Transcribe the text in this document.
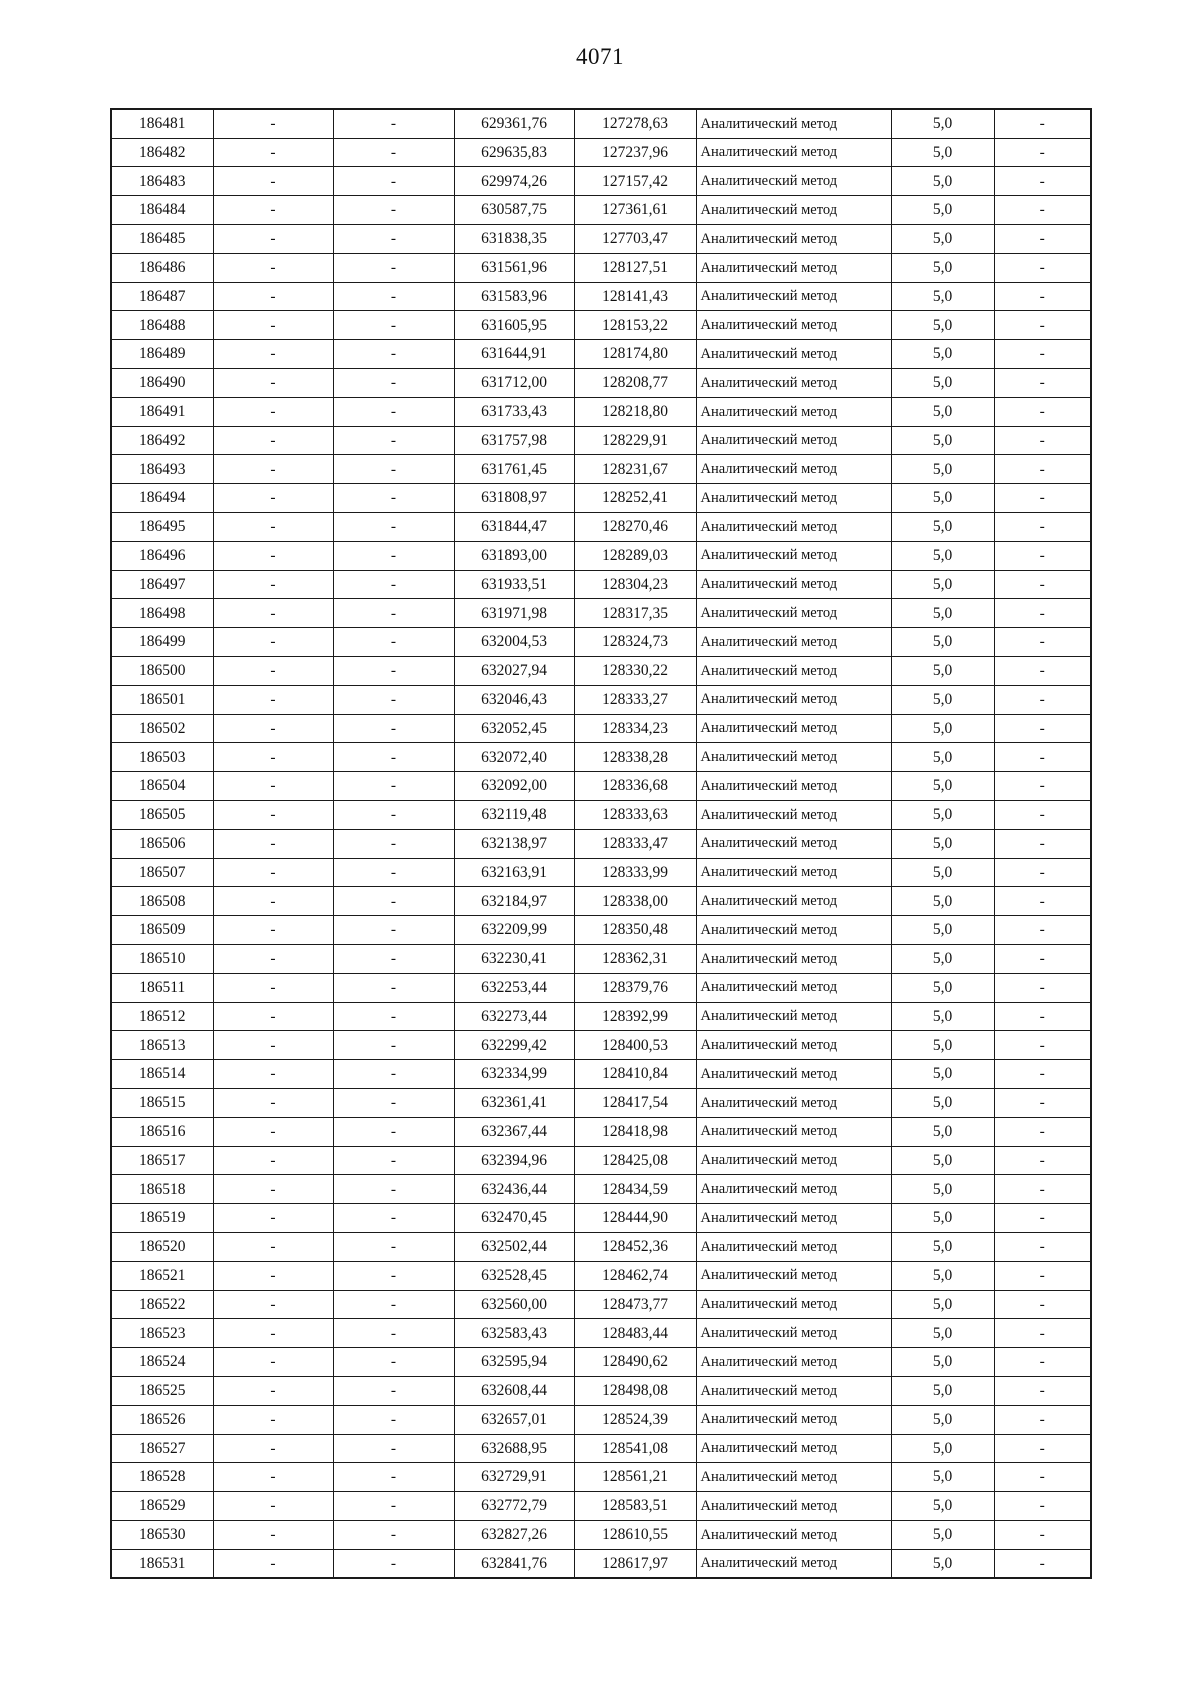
4071
186481	-	-	629361,76	127278,63	Аналитический метод	5,0	-
186482	-	-	629635,83	127237,96	Аналитический метод	5,0	-
186483	-	-	629974,26	127157,42	Аналитический метод	5,0	-
186484	-	-	630587,75	127361,61	Аналитический метод	5,0	-
186485	-	-	631838,35	127703,47	Аналитический метод	5,0	-
186486	-	-	631561,96	128127,51	Аналитический метод	5,0	-
186487	-	-	631583,96	128141,43	Аналитический метод	5,0	-
186488	-	-	631605,95	128153,22	Аналитический метод	5,0	-
186489	-	-	631644,91	128174,80	Аналитический метод	5,0	-
186490	-	-	631712,00	128208,77	Аналитический метод	5,0	-
186491	-	-	631733,43	128218,80	Аналитический метод	5,0	-
186492	-	-	631757,98	128229,91	Аналитический метод	5,0	-
186493	-	-	631761,45	128231,67	Аналитический метод	5,0	-
186494	-	-	631808,97	128252,41	Аналитический метод	5,0	-
186495	-	-	631844,47	128270,46	Аналитический метод	5,0	-
186496	-	-	631893,00	128289,03	Аналитический метод	5,0	-
186497	-	-	631933,51	128304,23	Аналитический метод	5,0	-
186498	-	-	631971,98	128317,35	Аналитический метод	5,0	-
186499	-	-	632004,53	128324,73	Аналитический метод	5,0	-
186500	-	-	632027,94	128330,22	Аналитический метод	5,0	-
186501	-	-	632046,43	128333,27	Аналитический метод	5,0	-
186502	-	-	632052,45	128334,23	Аналитический метод	5,0	-
186503	-	-	632072,40	128338,28	Аналитический метод	5,0	-
186504	-	-	632092,00	128336,68	Аналитический метод	5,0	-
186505	-	-	632119,48	128333,63	Аналитический метод	5,0	-
186506	-	-	632138,97	128333,47	Аналитический метод	5,0	-
186507	-	-	632163,91	128333,99	Аналитический метод	5,0	-
186508	-	-	632184,97	128338,00	Аналитический метод	5,0	-
186509	-	-	632209,99	128350,48	Аналитический метод	5,0	-
186510	-	-	632230,41	128362,31	Аналитический метод	5,0	-
186511	-	-	632253,44	128379,76	Аналитический метод	5,0	-
186512	-	-	632273,44	128392,99	Аналитический метод	5,0	-
186513	-	-	632299,42	128400,53	Аналитический метод	5,0	-
186514	-	-	632334,99	128410,84	Аналитический метод	5,0	-
186515	-	-	632361,41	128417,54	Аналитический метод	5,0	-
186516	-	-	632367,44	128418,98	Аналитический метод	5,0	-
186517	-	-	632394,96	128425,08	Аналитический метод	5,0	-
186518	-	-	632436,44	128434,59	Аналитический метод	5,0	-
186519	-	-	632470,45	128444,90	Аналитический метод	5,0	-
186520	-	-	632502,44	128452,36	Аналитический метод	5,0	-
186521	-	-	632528,45	128462,74	Аналитический метод	5,0	-
186522	-	-	632560,00	128473,77	Аналитический метод	5,0	-
186523	-	-	632583,43	128483,44	Аналитический метод	5,0	-
186524	-	-	632595,94	128490,62	Аналитический метод	5,0	-
186525	-	-	632608,44	128498,08	Аналитический метод	5,0	-
186526	-	-	632657,01	128524,39	Аналитический метод	5,0	-
186527	-	-	632688,95	128541,08	Аналитический метод	5,0	-
186528	-	-	632729,91	128561,21	Аналитический метод	5,0	-
186529	-	-	632772,79	128583,51	Аналитический метод	5,0	-
186530	-	-	632827,26	128610,55	Аналитический метод	5,0	-
186531	-	-	632841,76	128617,97	Аналитический метод	5,0	-
